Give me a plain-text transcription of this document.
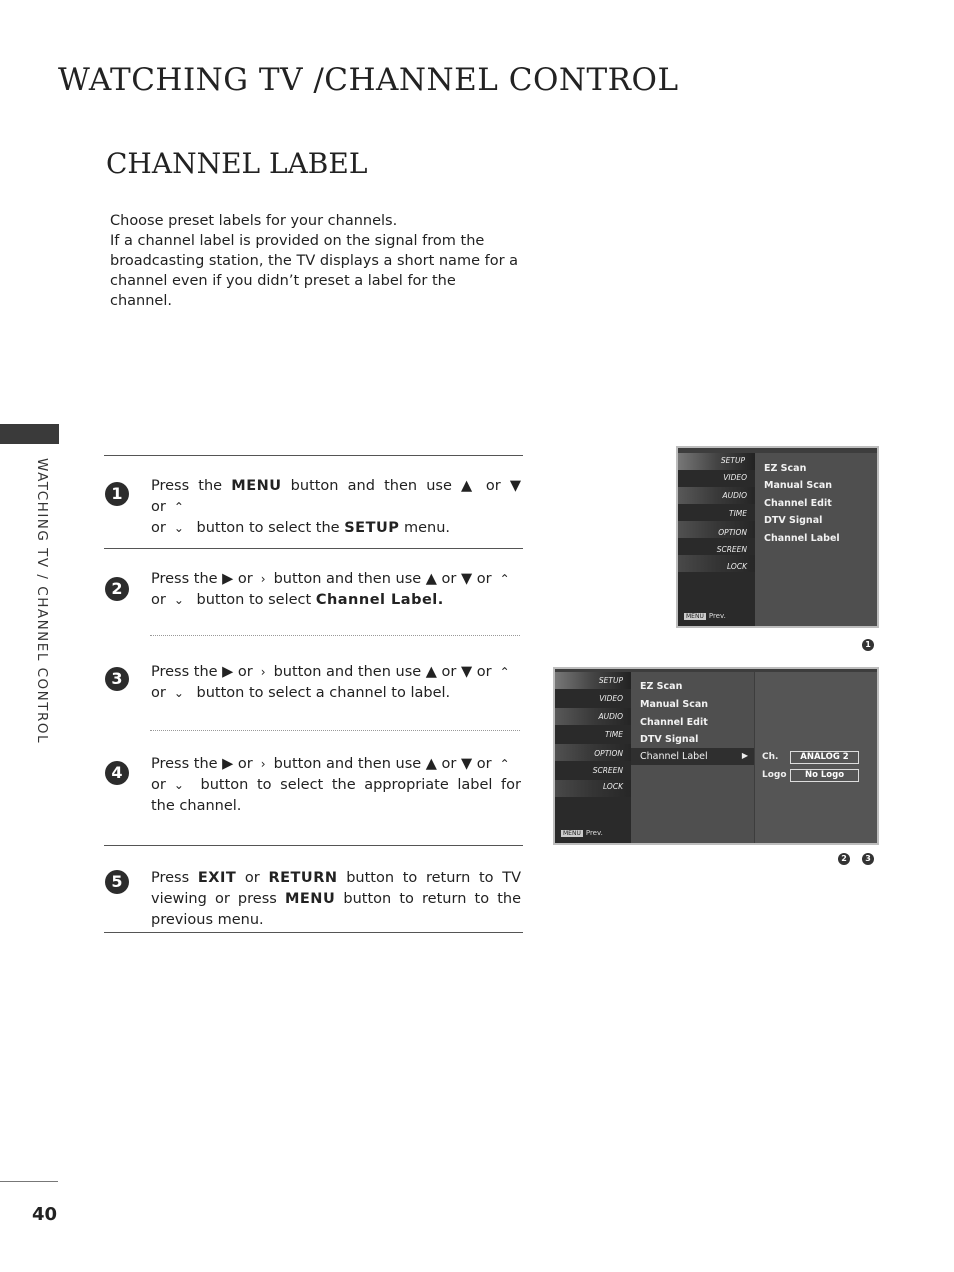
WATCHING TV /CHANNEL CONTROL
CHANNEL LABEL

Choose preset labels for your channels.

If a channel label is provided on the signal from the broadcasting station, the TV displays a short name for a channel even if you didn’t preset a label for the channel.

WATCHING TV / CHANNEL CONTROL
40
1	Press the MENU button and then use ▲ or ▼ or ⌃
or ⌄ button to select the SETUP menu.
2	Press the ▶ or › button and then use ▲ or ▼ or ⌃
or ⌄ button to select Channel Label.
3	Press the ▶ or › button and then use ▲ or ▼ or ⌃
or ⌄ button to select a channel to label.
4	Press the ▶ or › button and then use ▲ or ▼ or ⌃
or ⌄ button to select the appropriate label for the channel.
5	Press EXIT or RETURN button to return to TV viewing or press MENU button to return to the previous menu.
SETUP
VIDEO
AUDIO
TIME
OPTION
SCREEN
LOCK
MENU Prev.
EZ Scan
Manual Scan
Channel Edit
DTV Signal
Channel Label
1
SETUP
VIDEO
AUDIO
TIME
OPTION
SCREEN
LOCK
MENU Prev.
EZ Scan
Manual Scan
Channel Edit
DTV Signal
Channel Label	▶ Ch.	ANALOG 2
Logo	No Logo
2	3
